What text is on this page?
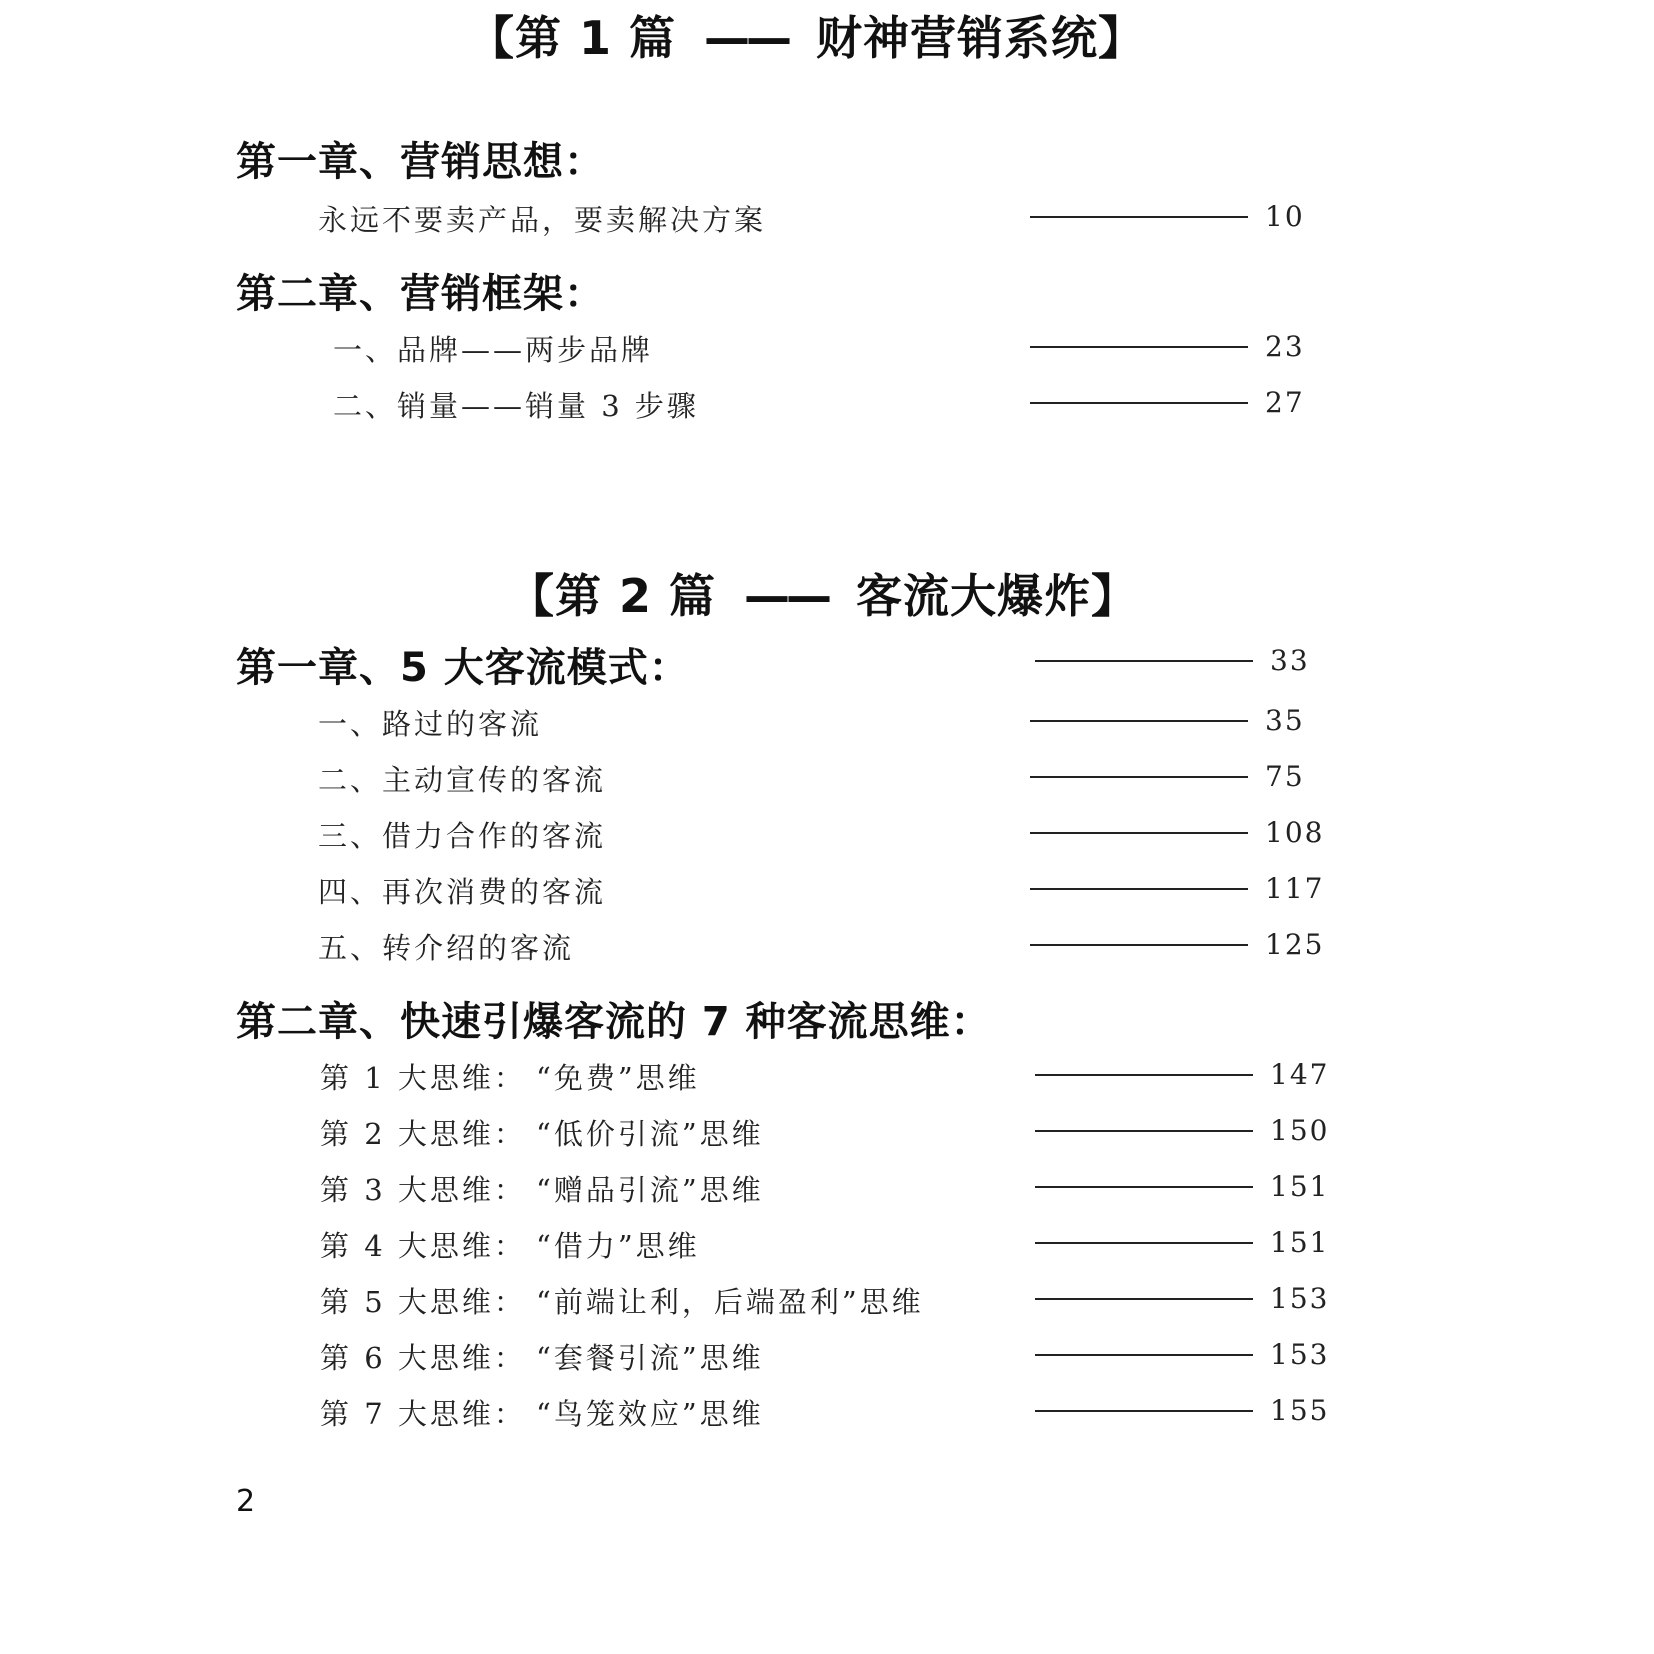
【第 1 篇 —— 财神营销系统】
第一章、营销思想：
永远不要卖产品，要卖解决方案	10
第二章、营销框架：
一、品牌——两步品牌	23
二、销量——销量 3 步骤	27
【第 2 篇 —— 客流大爆炸】
第一章、5 大客流模式：	33
一、路过的客流	35
二、主动宣传的客流	75
三、借力合作的客流	108
四、再次消费的客流	117
五、转介绍的客流	125
第二章、快速引爆客流的 7 种客流思维：
第 1 大思维： “免费”思维	147
第 2 大思维： “低价引流”思维	150
第 3 大思维： “赠品引流”思维	151
第 4 大思维： “借力”思维	151
第 5 大思维： “前端让利，后端盈利”思维	153
第 6 大思维： “套餐引流”思维	153
第 7 大思维： “鸟笼效应”思维	155
2
